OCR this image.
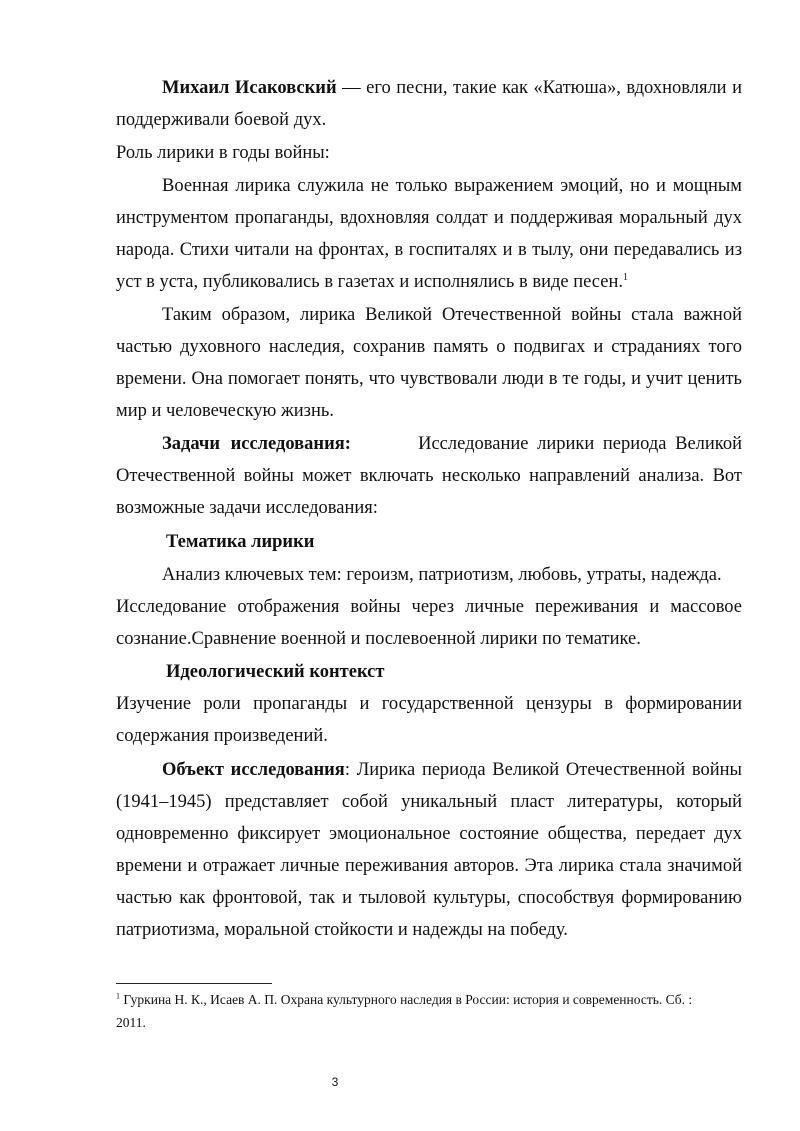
Михаил Исаковский — его песни, такие как «Катюша», вдохновляли и
поддерживали боевой дух.
Роль лирики в годы войны:
Военная лирика служила не только выражением эмоций, но и мощным
инструментом пропаганды, вдохновляя солдат и поддерживая моральный дух
народа. Стихи читали на фронтах, в госпиталях и в тылу, они передавались из
уст в уста, публиковались в газетах и исполнялись в виде песен.$^1$
Таким образом, лирика Великой Отечественной войны стала важной
частью духовного наследия, сохранив память о подвигах и страданиях того
времени. Она помогает понять, что чувствовали люди в те годы, и учит ценить
мир и человеческую жизнь.
Задачи исследования:	Исследование лирики периода Великой
Отечественной войны может включать несколько направлений анализа. Вот
возможные задачи исследования:
Тематика лирики
Анализ ключевых тем: героизм, патриотизм, любовь, утраты, надежда.
Исследование отображения войны через личные переживания и массовое
сознание.Сравнение военной и послевоенной лирики по тематике.
Идеологический контекст
Изучение роли пропаганды и государственной цензуры в формировании
содержания произведений.
Объект исследования: Лирика периода Великой Отечественной войны
(1941–1945) представляет собой уникальный пласт литературы, который
одновременно фиксирует эмоциональное состояние общества, передает дух
времени и отражает личные переживания авторов. Эта лирика стала значимой
частью как фронтовой, так и тыловой культуры, способствуя формированию
патриотизма, моральной стойкости и надежды на победу.
$^1$ Гуркина Н. К., Исаев А. П. Охрана культурного наследия в России: история и современность. Сб. :
2011.
3
